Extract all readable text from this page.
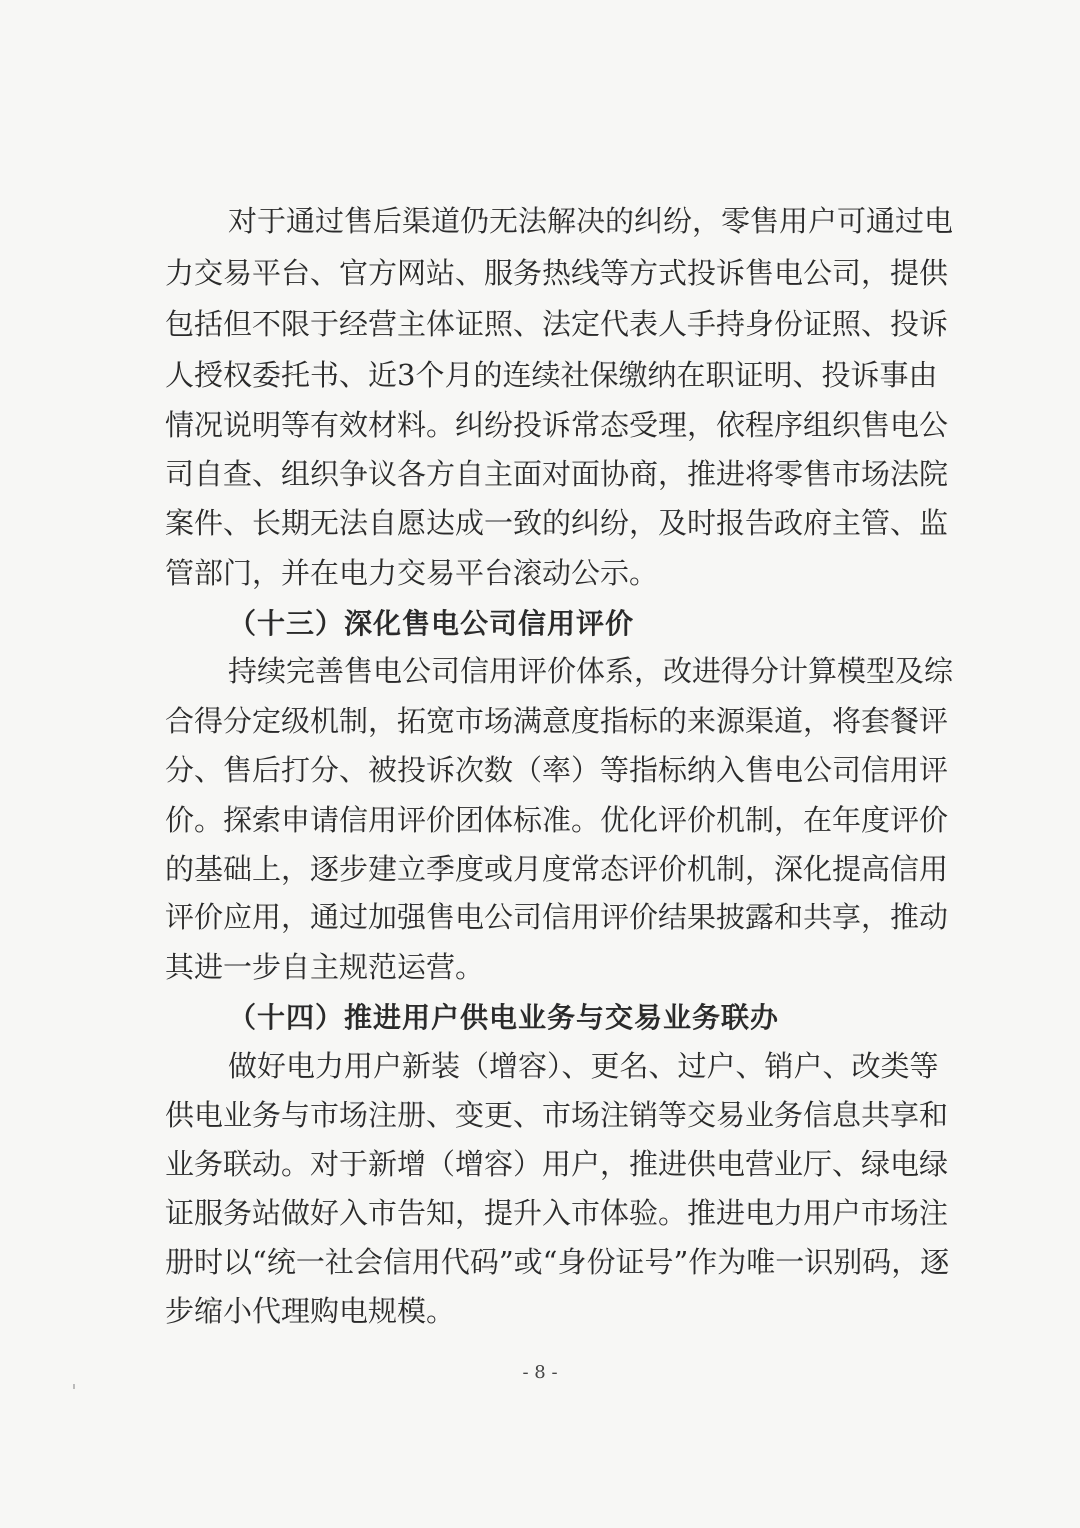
对于通过售后渠道仍无法解决的纠纷，零售用户可通过电
力交易平台、官方网站、服务热线等方式投诉售电公司，提供
包括但不限于经营主体证照、法定代表人手持身份证照、投诉
人授权委托书、近3个月的连续社保缴纳在职证明、投诉事由
情况说明等有效材料。纠纷投诉常态受理，依程序组织售电公
司自查、组织争议各方自主面对面协商，推进将零售市场法院
案件、长期无法自愿达成一致的纠纷，及时报告政府主管、监
管部门，并在电力交易平台滚动公示。
（十三）深化售电公司信用评价
持续完善售电公司信用评价体系，改进得分计算模型及综
合得分定级机制，拓宽市场满意度指标的来源渠道，将套餐评
分、售后打分、被投诉次数（率）等指标纳入售电公司信用评
价。探索申请信用评价团体标准。优化评价机制，在年度评价
的基础上，逐步建立季度或月度常态评价机制，深化提高信用
评价应用，通过加强售电公司信用评价结果披露和共享，推动
其进一步自主规范运营。
（十四）推进用户供电业务与交易业务联办
做好电力用户新装（增容）、更名、过户、销户、改类等
供电业务与市场注册、变更、市场注销等交易业务信息共享和
业务联动。对于新增（增容）用户，推进供电营业厅、绿电绿
证服务站做好入市告知，提升入市体验。推进电力用户市场注
册时以“统一社会信用代码”或“身份证号”作为唯一识别码，逐
步缩小代理购电规模。
- 8 -
